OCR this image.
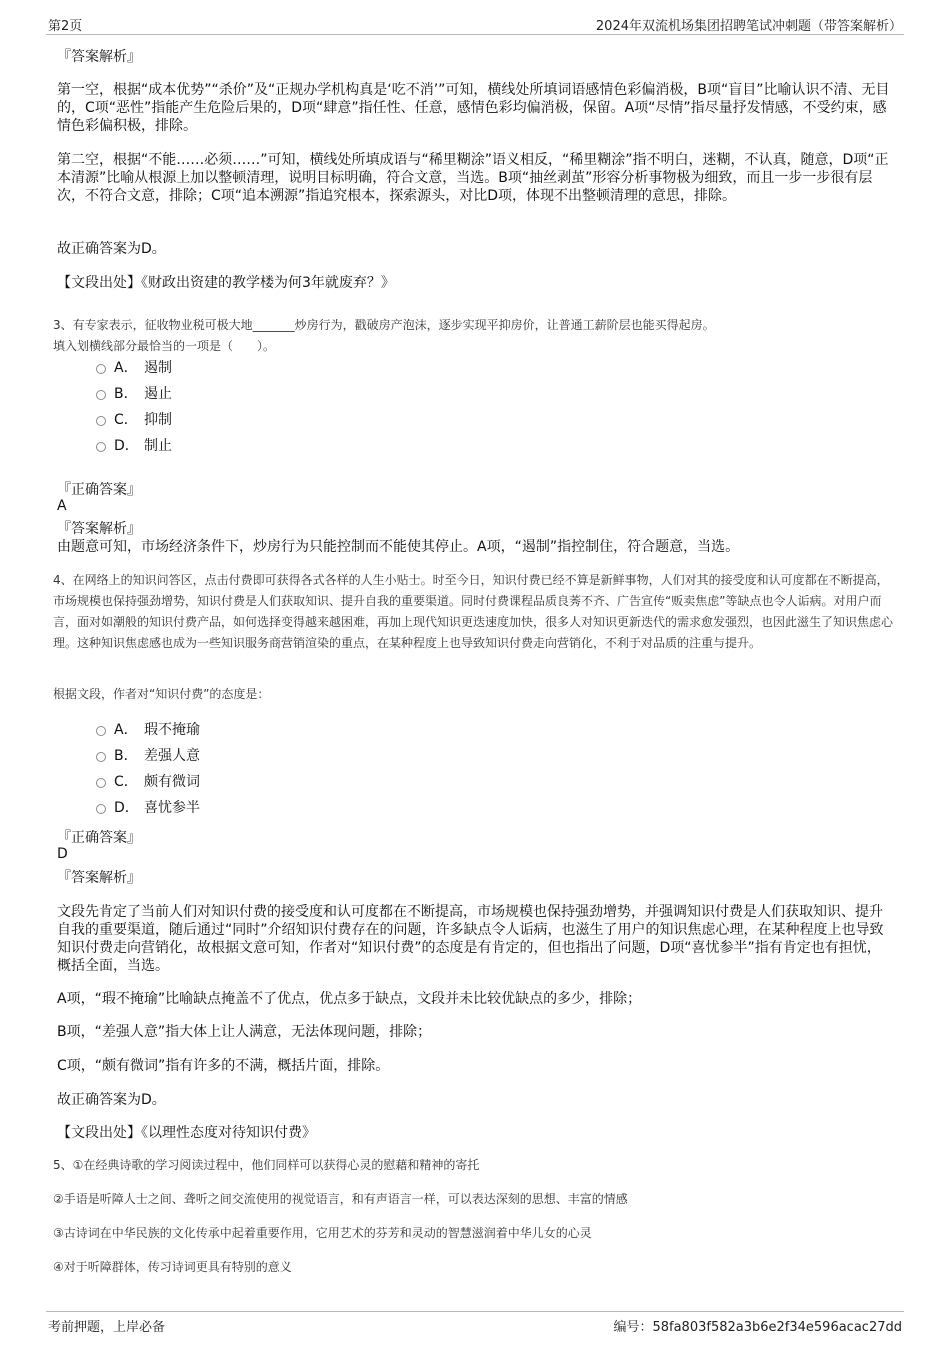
第2页	2024年双流机场集团招聘笔试冲刺题（带答案解析）
『答案解析』
第一空，根据“成本优势”“杀价”及“正规办学机构真是‘吃不消’”可知，横线处所填词语感情色彩偏消极，B项“盲目”比喻认识不清、无目的，C项“恶性”指能产生危险后果的，D项“肆意”指任性、任意，感情色彩均偏消极，保留。A项“尽情”指尽量抒发情感，不受约束，感情色彩偏积极，排除。
第二空，根据“不能……必须……”可知，横线处所填成语与“稀里糊涂”语义相反，“稀里糊涂”指不明白，迷糊，不认真，随意，D项“正本清源”比喻从根源上加以整顿清理，说明目标明确，符合文意，当选。B项“抽丝剥茧”形容分析事物极为细致，而且一步一步很有层次，不符合文意，排除；C项“追本溯源”指追究根本，探索源头，对比D项，体现不出整顿清理的意思，排除。
故正确答案为D。
【文段出处】《财政出资建的教学楼为何3年就废弃？》
3、有专家表示，征收物业税可极大地_______炒房行为，戳破房产泡沫，逐步实现平抑房价，让普通工薪阶层也能买得起房。
填入划横线部分最恰当的一项是（　　）。
A． 遏制
B． 遏止
C． 抑制
D． 制止
『正确答案』
A
『答案解析』
由题意可知，市场经济条件下，炒房行为只能控制而不能使其停止。A项，“遏制”指控制住，符合题意，当选。
4、在网络上的知识问答区，点击付费即可获得各式各样的人生小贴士。时至今日，知识付费已经不算是新鲜事物，人们对其的接受度和认可度都在不断提高，市场规模也保持强劲增势，知识付费是人们获取知识、提升自我的重要渠道。同时付费课程品质良莠不齐、广告宣传“贩卖焦虑”等缺点也令人诟病。对用户而言，面对如潮般的知识付费产品，如何选择变得越来越困难，再加上现代知识更迭速度加快，很多人对知识更新迭代的需求愈发强烈，也因此滋生了知识焦虑心理。这种知识焦虑感也成为一些知识服务商营销渲染的重点，在某种程度上也导致知识付费走向营销化，不利于对品质的注重与提升。
根据文段，作者对“知识付费”的态度是：
A． 瑕不掩瑜
B． 差强人意
C． 颇有微词
D． 喜忧参半
『正确答案』
D
『答案解析』
文段先肯定了当前人们对知识付费的接受度和认可度都在不断提高，市场规模也保持强劲增势，并强调知识付费是人们获取知识、提升自我的重要渠道，随后通过“同时”介绍知识付费存在的问题，许多缺点令人诟病，也滋生了用户的知识焦虑心理，在某种程度上也导致知识付费走向营销化，故根据文意可知，作者对“知识付费”的态度是有肯定的，但也指出了问题，D项“喜忧参半”指有肯定也有担忧，概括全面，当选。
A项，“瑕不掩瑜”比喻缺点掩盖不了优点，优点多于缺点，文段并未比较优缺点的多少，排除；
B项，“差强人意”指大体上让人满意，无法体现问题，排除；
C项，“颇有微词”指有许多的不满，概括片面，排除。
故正确答案为D。
【文段出处】《以理性态度对待知识付费》
5、①在经典诗歌的学习阅读过程中，他们同样可以获得心灵的慰藉和精神的寄托
②手语是听障人士之间、聋听之间交流使用的视觉语言，和有声语言一样，可以表达深刻的思想、丰富的情感
③古诗词在中华民族的文化传承中起着重要作用，它用艺术的芬芳和灵动的智慧滋润着中华儿女的心灵
④对于听障群体，传习诗词更具有特别的意义
考前押题，上岸必备	编号：58fa803f582a3b6e2f34e596acac27dd
